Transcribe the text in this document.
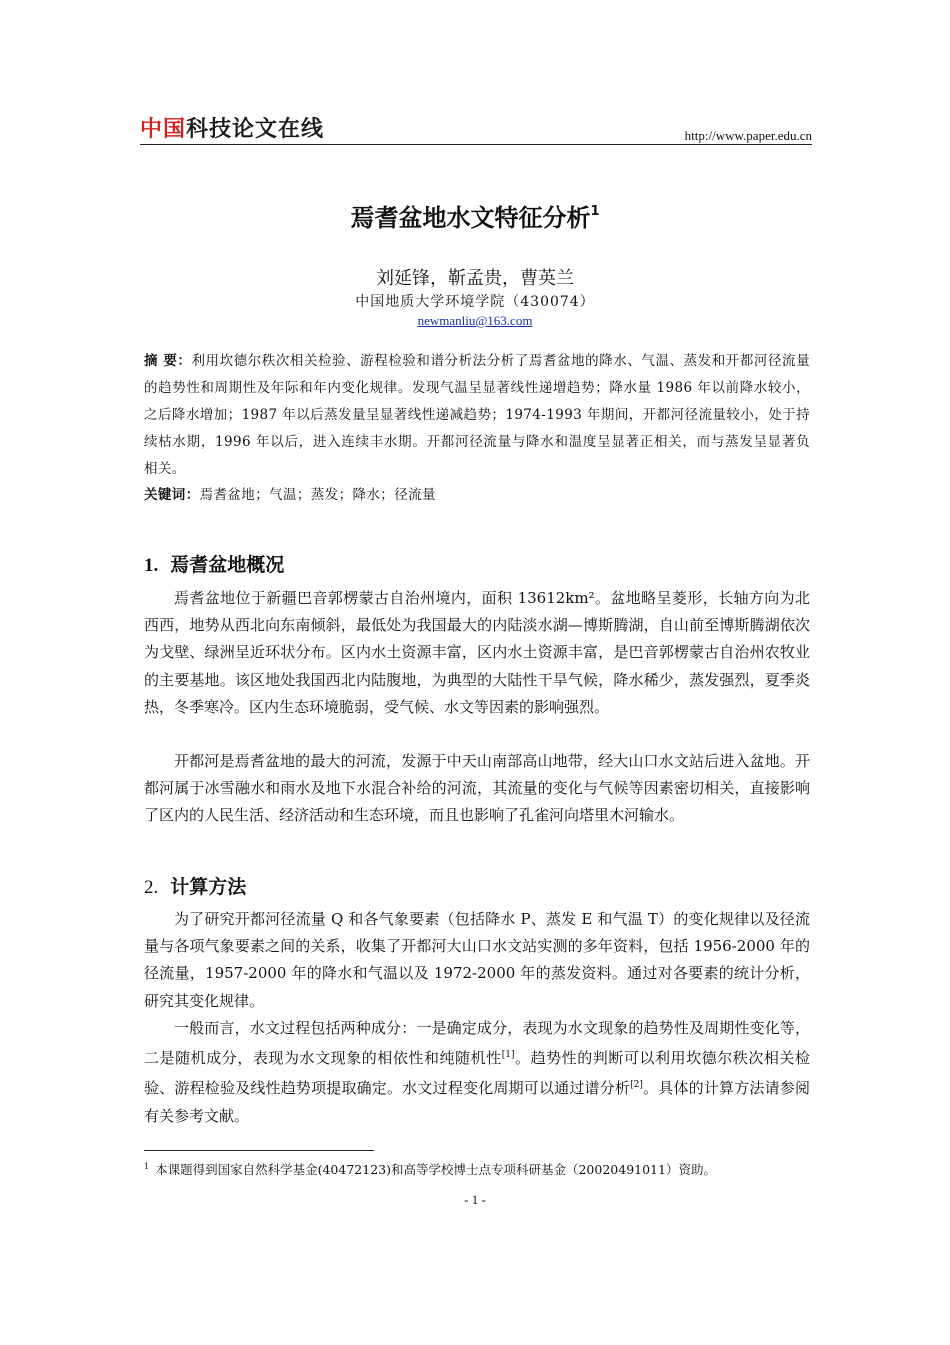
中国科技论文在线	http://www.paper.edu.cn
焉耆盆地水文特征分析$^1$
刘延锋，靳孟贵，曹英兰
中国地质大学环境学院（430074）
newmanliu@163.com
摘 要：利用坎德尔秩次相关检验、游程检验和谱分析法分析了焉耆盆地的降水、气温、蒸发和开都河径流量的趋势性和周期性及年际和年内变化规律。发现气温呈显著线性递增趋势；降水量 1986 年以前降水较小，之后降水增加；1987 年以后蒸发量呈显著线性递减趋势；1974-1993 年期间，开都河径流量较小，处于持续枯水期，1996 年以后，进入连续丰水期。开都河径流量与降水和温度呈显著正相关，而与蒸发呈显著负相关。
关键词：焉耆盆地；气温；蒸发；降水；径流量
1. 焉耆盆地概况
焉耆盆地位于新疆巴音郭楞蒙古自治州境内，面积 13612km²。盆地略呈菱形，长轴方向为北西西，地势从西北向东南倾斜，最低处为我国最大的内陆淡水湖—博斯腾湖，自山前至博斯腾湖依次为戈壁、绿洲呈近环状分布。区内水土资源丰富，区内水土资源丰富，是巴音郭楞蒙古自治州农牧业的主要基地。该区地处我国西北内陆腹地，为典型的大陆性干旱气候，降水稀少，蒸发强烈，夏季炎热，冬季寒冷。区内生态环境脆弱，受气候、水文等因素的影响强烈。
开都河是焉耆盆地的最大的河流，发源于中天山南部高山地带，经大山口水文站后进入盆地。开都河属于冰雪融水和雨水及地下水混合补给的河流，其流量的变化与气候等因素密切相关，直接影响了区内的人民生活、经济活动和生态环境，而且也影响了孔雀河向塔里木河输水。
2. 计算方法
为了研究开都河径流量 Q 和各气象要素（包括降水 P、蒸发 E 和气温 T）的变化规律以及径流量与各项气象要素之间的关系，收集了开都河大山口水文站实测的多年资料，包括 1956-2000 年的径流量，1957-2000 年的降水和气温以及 1972-2000 年的蒸发资料。通过对各要素的统计分析，研究其变化规律。
一般而言，水文过程包括两种成分：一是确定成分，表现为水文现象的趋势性及周期性变化等，二是随机成分，表现为水文现象的相依性和纯随机性[1]。趋势性的判断可以利用坎德尔秩次相关检验、游程检验及线性趋势项提取确定。水文过程变化周期可以通过谱分析[2]。具体的计算方法请参阅有关参考文献。
$^1$ 本课题得到国家自然科学基金(40472123)和高等学校博士点专项科研基金（20020491011）资助。
- 1 -
